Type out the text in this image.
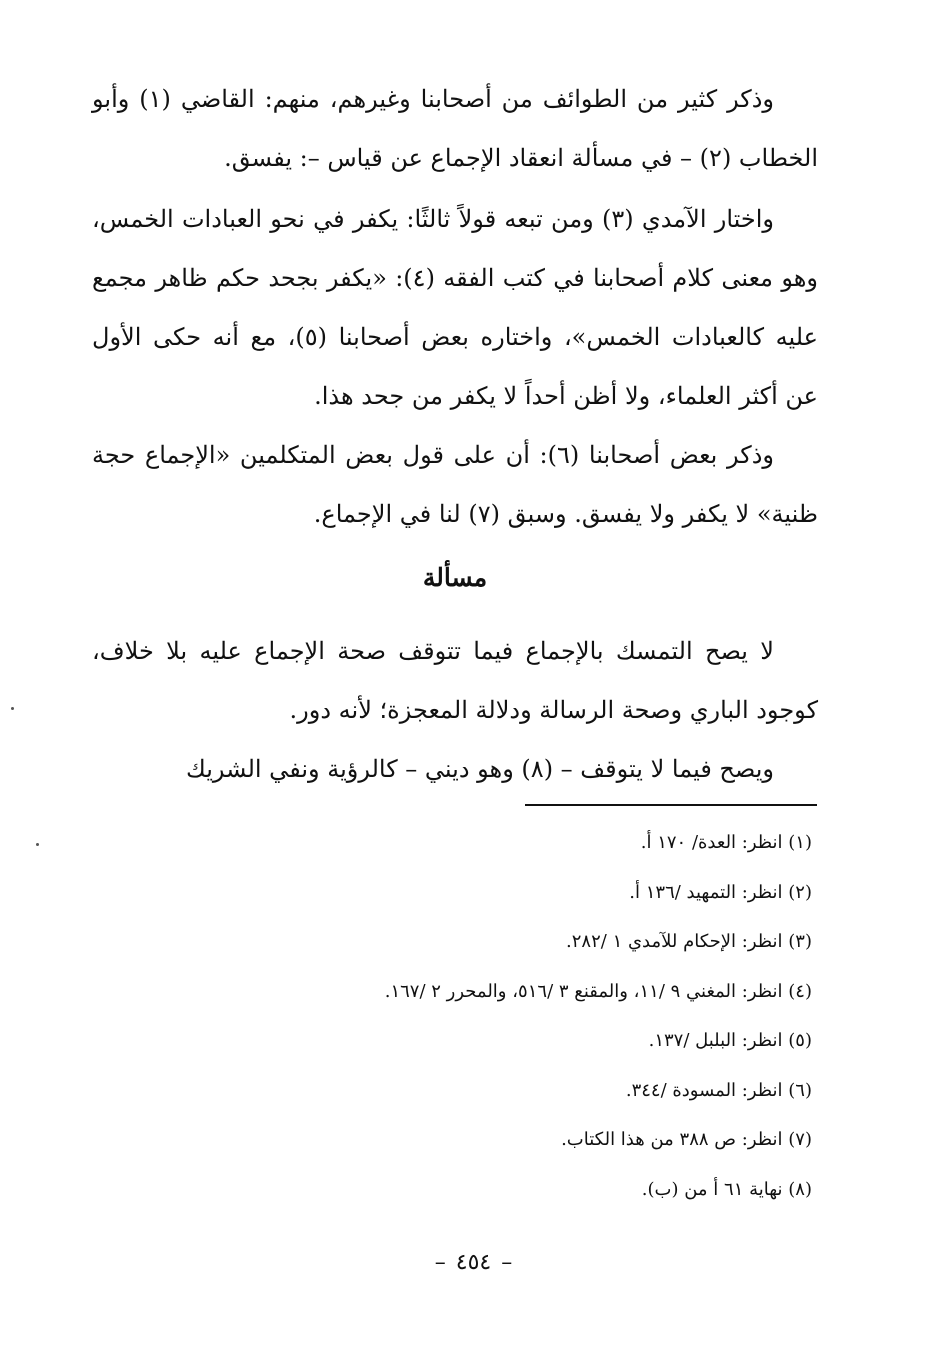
وذكر كثير من الطوائف من أصحابنا وغيرهم، منهم: القاضي (١) وأبو الخطاب (٢) – في مسألة انعقاد الإجماع عن قياس –: يفسق.

واختار الآمدي (٣) ومن تبعه قولاً ثالثًا: يكفر في نحو العبادات الخمس، وهو معنى كلام أصحابنا في كتب الفقه (٤): «يكفر بجحد حكم ظاهر مجمع عليه كالعبادات الخمس»، واختاره بعض أصحابنا (٥)، مع أنه حكى الأول عن أكثر العلماء، ولا أظن أحداً لا يكفر من جحد هذا.

وذكر بعض أصحابنا (٦): أن على قول بعض المتكلمين «الإجماع حجة ظنية» لا يكفر ولا يفسق. وسبق (٧) لنا في الإجماع.

مسألة

لا يصح التمسك بالإجماع فيما تتوقف صحة الإجماع عليه بلا خلاف، كوجود الباري وصحة الرسالة ودلالة المعجزة؛ لأنه دور.

ويصح فيما لا يتوقف – (٨) وهو ديني – كالرؤية ونفي الشريك

(١) انظر: العدة/ ١٧٠ أ.

(٢) انظر: التمهيد /١٣٦ أ.

(٣) انظر: الإحكام للآمدي ١ /٢٨٢.

(٤) انظر: المغني ٩ /١١، والمقنع ٣ /٥١٦، والمحرر ٢ /١٦٧.

(٥) انظر: البلبل /١٣٧.

(٦) انظر: المسودة /٣٤٤.

(٧) انظر: ص ٣٨٨ من هذا الكتاب.

(٨) نهاية ٦١ أ من (ب).

–٤٥٤–
